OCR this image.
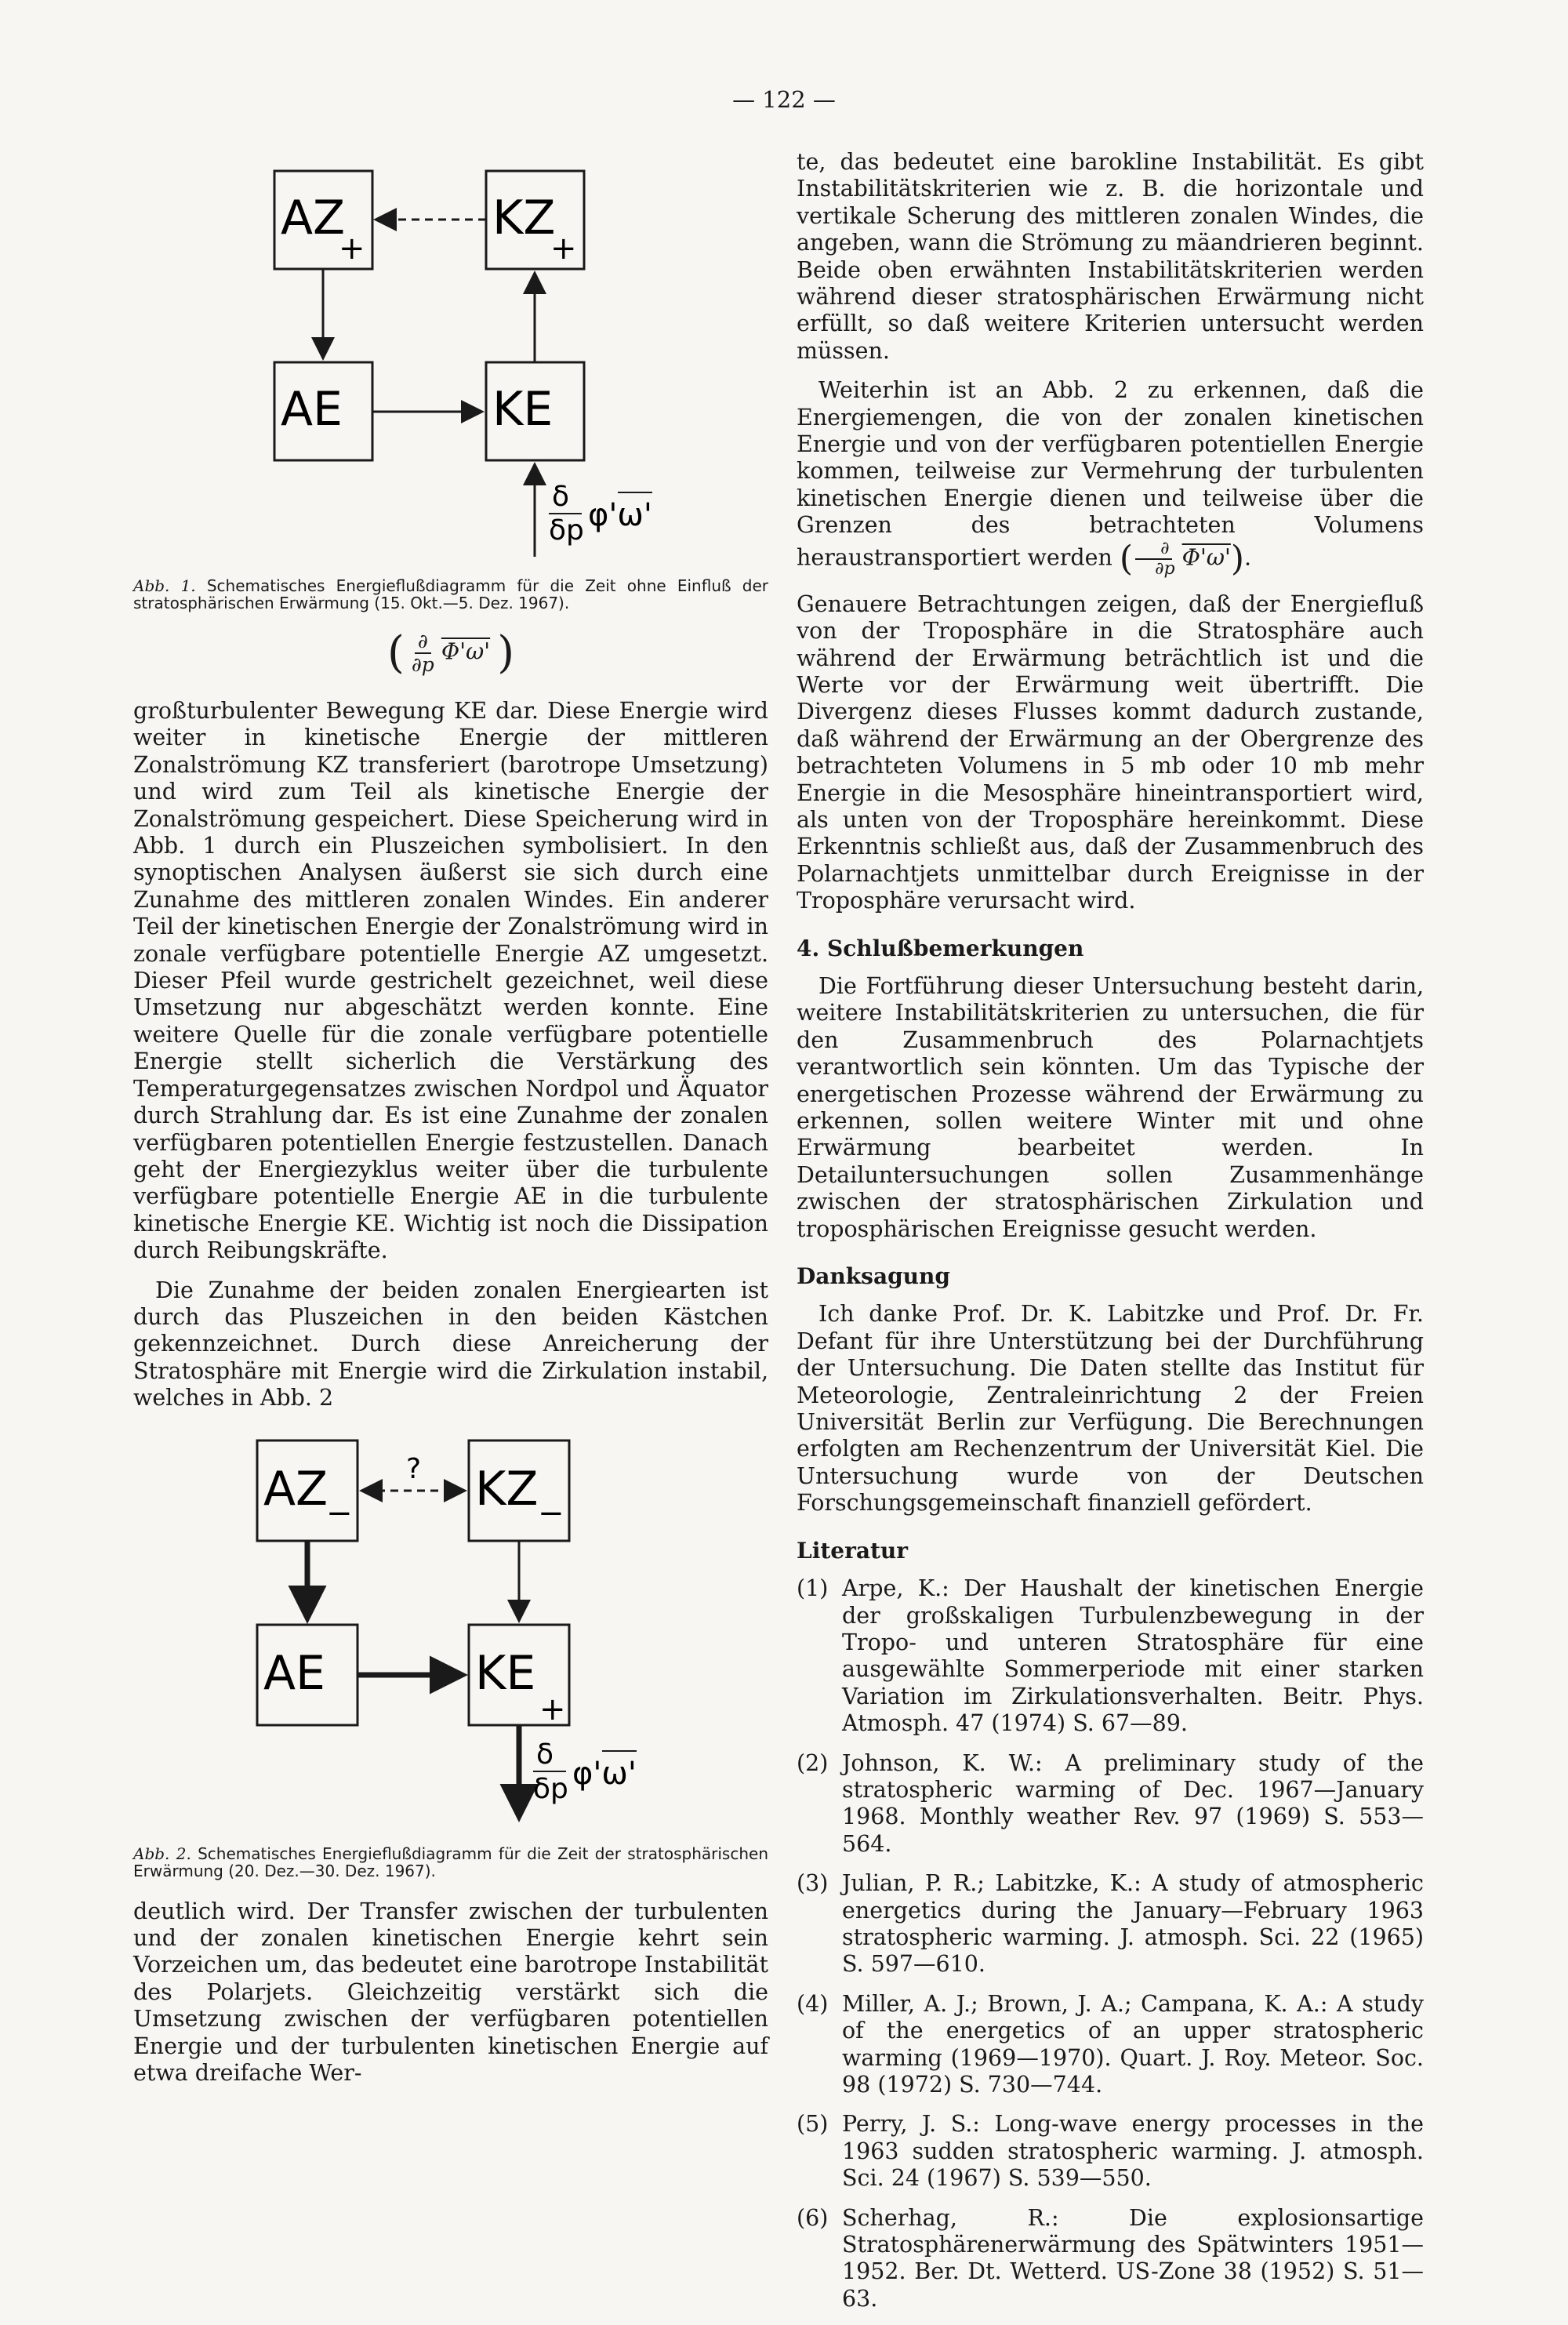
— 122 —
AZ	KZ
AE	KE
+	+
δ
δp φ'ω'
Abb. 1. Schematisches Energieflußdiagramm für die Zeit ohne Einfluß der stratosphärischen Erwärmung (15. Okt.—5. Dez. 1967).
( $\frac{\partial}{\partial p} \Phi'\omega'$ )

großturbulenter Bewegung KE dar. Diese Energie wird weiter in kinetische Energie der mittleren Zonalströmung KZ transferiert (barotrope Umsetzung) und wird zum Teil als kinetische Energie der Zonalströmung gespeichert. Diese Speicherung wird in Abb. 1 durch ein Pluszeichen symbolisiert. In den synoptischen Analysen äußerst sie sich durch eine Zunahme des mittleren zonalen Windes. Ein anderer Teil der kinetischen Energie der Zonalströmung wird in zonale verfügbare potentielle Energie AZ umgesetzt. Dieser Pfeil wurde gestrichelt gezeichnet, weil diese Umsetzung nur abgeschätzt werden konnte. Eine weitere Quelle für die zonale verfügbare potentielle Energie stellt sicherlich die Verstärkung des Temperaturgegensatzes zwischen Nordpol und Äquator durch Strahlung dar. Es ist eine Zunahme der zonalen verfügbaren potentiellen Energie festzustellen. Danach geht der Energiezyklus weiter über die turbulente verfügbare potentielle Energie AE in die turbulente kinetische Energie KE. Wichtig ist noch die Dissipation durch Reibungskräfte.

Die Zunahme der beiden zonalen Energiearten ist durch das Pluszeichen in den beiden Kästchen gekennzeichnet. Durch diese Anreicherung der Stratosphäre mit Energie wird die Zirkulation instabil, welches in Abb. 2

AZ	KZ
AE	KE
−	−
+
?
δ
δp φ'ω'
Abb. 2. Schematisches Energieflußdiagramm für die Zeit der stratosphärischen Erwärmung (20. Dez.—30. Dez. 1967).

deutlich wird. Der Transfer zwischen der turbulenten und der zonalen kinetischen Energie kehrt sein Vorzeichen um, das bedeutet eine barotrope Instabilität des Polarjets. Gleichzeitig verstärkt sich die Umsetzung zwischen der verfügbaren potentiellen Energie und der turbulenten kinetischen Energie auf etwa dreifache Wer-

te, das bedeutet eine barokline Instabilität. Es gibt Instabilitätskriterien wie z. B. die horizontale und vertikale Scherung des mittleren zonalen Windes, die angeben, wann die Strömung zu mäandrieren beginnt. Beide oben erwähnten Instabilitätskriterien werden während dieser stratosphärischen Erwärmung nicht erfüllt, so daß weitere Kriterien untersucht werden müssen.

Weiterhin ist an Abb. 2 zu erkennen, daß die Energiemengen, die von der zonalen kinetischen Energie und von der verfügbaren potentiellen Energie kommen, teilweise zur Vermehrung der turbulenten kinetischen Energie dienen und teilweise über die Grenzen des betrachteten Volumens heraustransportiert werden ( $\frac{\partial}{\partial p} \Phi'\omega'$).

Genauere Betrachtungen zeigen, daß der Energiefluß von der Troposphäre in die Stratosphäre auch während der Erwärmung beträchtlich ist und die Werte vor der Erwärmung weit übertrifft. Die Divergenz dieses Flusses kommt dadurch zustande, daß während der Erwärmung an der Obergrenze des betrachteten Volumens in 5 mb oder 10 mb mehr Energie in die Mesosphäre hineintransportiert wird, als unten von der Troposphäre hereinkommt. Diese Erkenntnis schließt aus, daß der Zusammenbruch des Polarnachtjets unmittelbar durch Ereignisse in der Troposphäre verursacht wird.

4. Schlußbemerkungen

Die Fortführung dieser Untersuchung besteht darin, weitere Instabilitätskriterien zu untersuchen, die für den Zusammenbruch des Polarnachtjets verantwortlich sein könnten. Um das Typische der energetischen Prozesse während der Erwärmung zu erkennen, sollen weitere Winter mit und ohne Erwärmung bearbeitet werden. In Detailuntersuchungen sollen Zusammenhänge zwischen der stratosphärischen Zirkulation und troposphärischen Ereignisse gesucht werden.

Danksagung

Ich danke Prof. Dr. K. Labitzke und Prof. Dr. Fr. Defant für ihre Unterstützung bei der Durchführung der Untersuchung. Die Daten stellte das Institut für Meteorologie, Zentraleinrichtung 2 der Freien Universität Berlin zur Verfügung. Die Berechnungen erfolgten am Rechenzentrum der Universität Kiel. Die Untersuchung wurde von der Deutschen Forschungsgemeinschaft finanziell gefördert.

Literatur
(1) Arpe, K.: Der Haushalt der kinetischen Energie der großskaligen Turbulenzbewegung in der Tropo- und unteren Stratosphäre für eine ausgewählte Sommerperiode mit einer starken Variation im Zirkulationsverhalten. Beitr. Phys. Atmosph. 47 (1974) S. 67—89.
(2) Johnson, K. W.: A preliminary study of the stratospheric warming of Dec. 1967—January 1968. Monthly weather Rev. 97 (1969) S. 553—564.
(3) Julian, P. R.; Labitzke, K.: A study of atmospheric energetics during the January—February 1963 stratospheric warming. J. atmosph. Sci. 22 (1965) S. 597—610.
(4) Miller, A. J.; Brown, J. A.; Campana, K. A.: A study of the energetics of an upper stratospheric warming (1969—1970). Quart. J. Roy. Meteor. Soc. 98 (1972) S. 730—744.
(5) Perry, J. S.: Long-wave energy processes in the 1963 sudden stratospheric warming. J. atmosph. Sci. 24 (1967) S. 539—550.
(6) Scherhag, R.: Die explosionsartige Stratosphärenerwärmung des Spätwinters 1951—1952. Ber. Dt. Wetterd. US-Zone 38 (1952) S. 51—63.
